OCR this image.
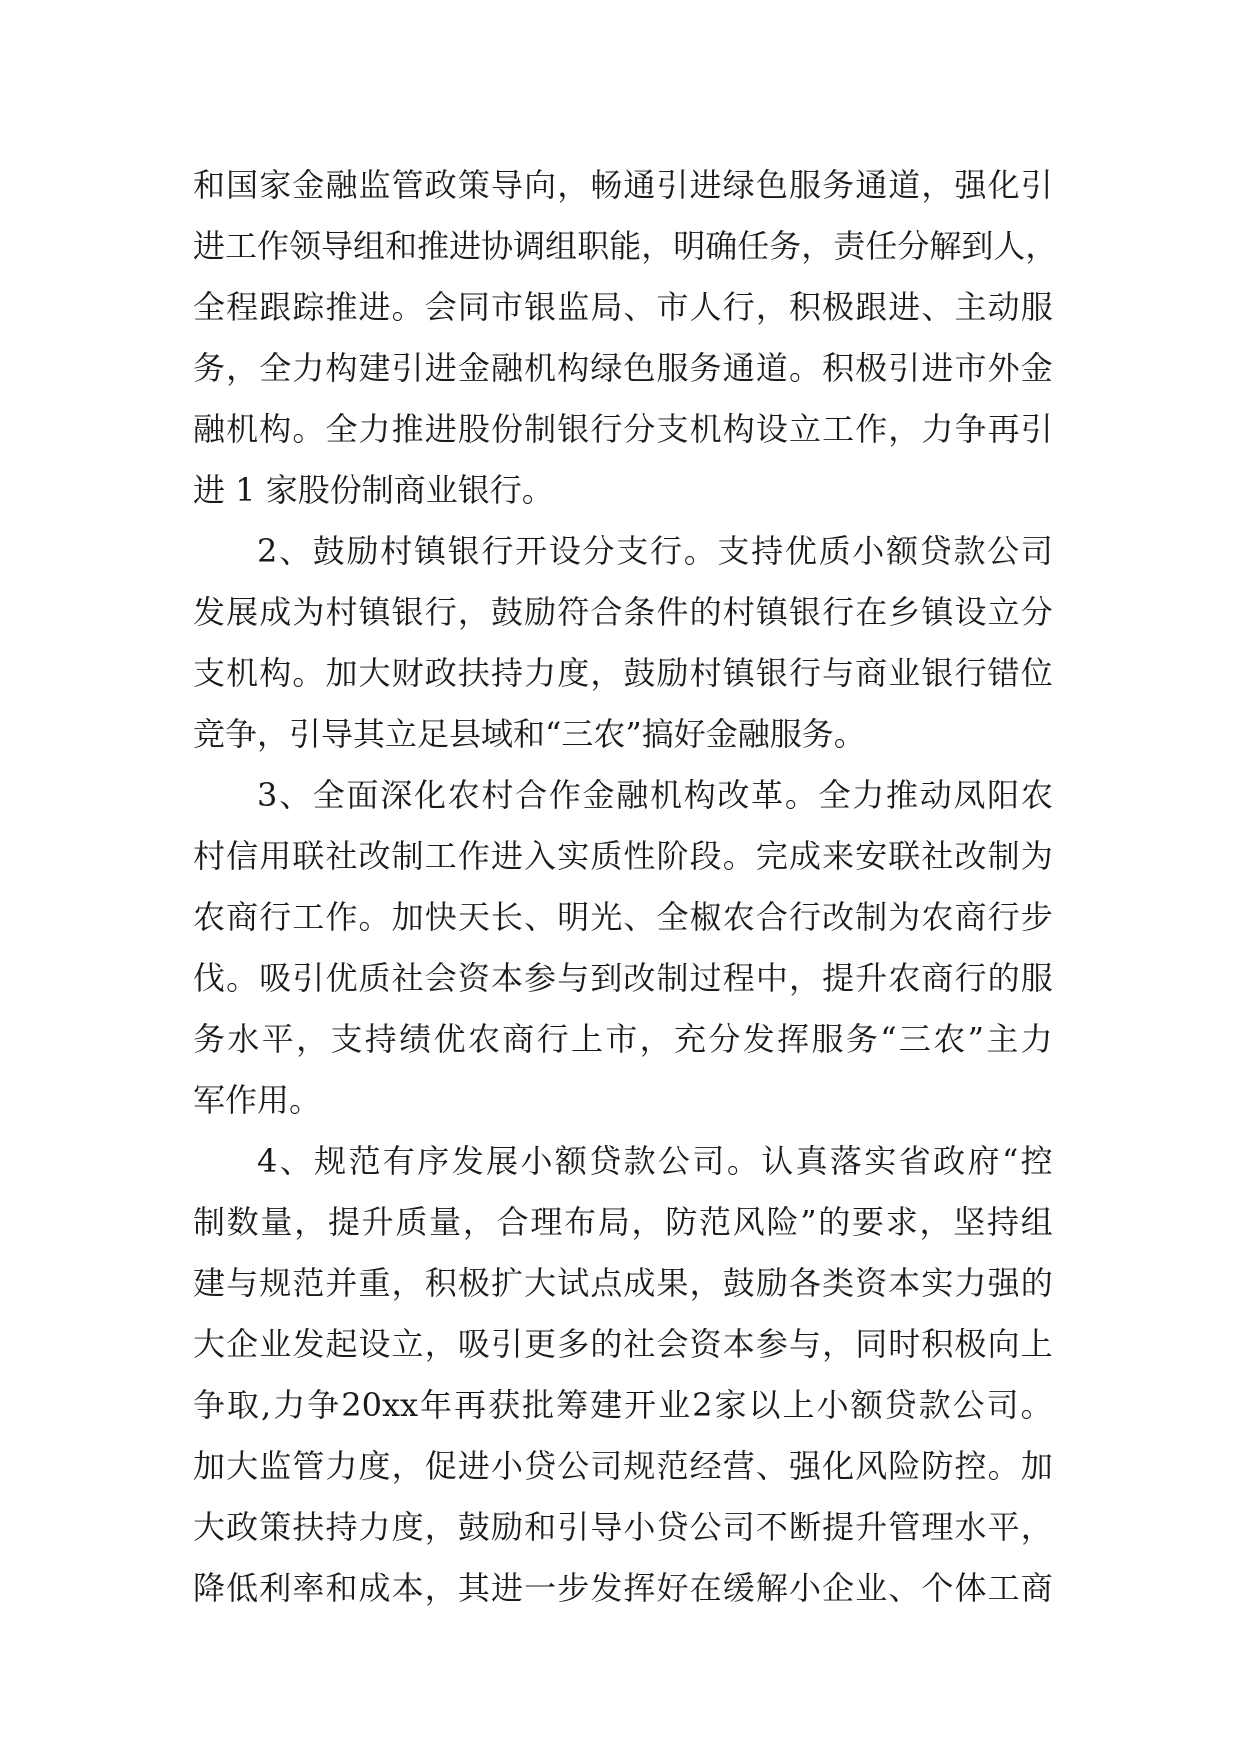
和 国 家 金 融 监 管 政 策 导 向 ， 畅 通 引 进 绿 色 服 务 通 道 ， 强 化 引
进 工 作 领 导 组 和 推 进 协 调 组 职 能 ， 明 确 任 务 ， 责 任 分 解 到 人 ，
全 程 跟 踪 推 进 。 会 同 市 银 监 局 、 市 人 行 ， 积 极 跟 进 、 主 动 服
务 ， 全 力 构 建 引 进 金 融 机 构 绿 色 服 务 通 道 。 积 极 引 进 市 外 金
融 机 构 。 全 力 推 进 股 份 制 银 行 分 支 机 构 设 立 工 作 ， 力 争 再 引
进 1 家股份制商业银行。
2 、 鼓 励 村 镇 银 行 开 设 分 支 行 。 支 持 优 质 小 额 贷 款 公 司
发 展 成 为 村 镇 银 行 ， 鼓 励 符 合 条 件 的 村 镇 银 行 在 乡 镇 设 立 分
支 机 构 。 加 大 财 政 扶 持 力 度 ， 鼓 励 村 镇 银 行 与 商 业 银 行 错 位
竞争，引导其立足县域和“三农”搞好金融服务。
3 、 全 面 深 化 农 村 合 作 金 融 机 构 改 革 。 全 力 推 动 凤 阳 农
村 信 用 联 社 改 制 工 作 进 入 实 质 性 阶 段 。 完 成 来 安 联 社 改 制 为
农 商 行 工 作 。 加 快 天 长 、 明 光 、 全 椒 农 合 行 改 制 为 农 商 行 步
伐 。 吸 引 优 质 社 会 资 本 参 与 到 改 制 过 程 中 ， 提 升 农 商 行 的 服
务 水 平 ， 支 持 绩 优 农 商 行 上 市 ， 充 分 发 挥 服 务 “ 三 农 ” 主 力
军作用。
4 、 规 范 有 序 发 展 小 额 贷 款 公 司 。 认 真 落 实 省 政 府 “ 控
制 数 量 ， 提 升 质 量 ， 合 理 布 局 ， 防 范 风 险 ” 的 要 求 ， 坚 持 组
建 与 规 范 并 重 ， 积 极 扩 大 试 点 成 果 ， 鼓 励 各 类 资 本 实 力 强 的
大 企 业 发 起 设 立 ， 吸 引 更 多 的 社 会 资 本 参 与 ， 同 时 积 极 向 上
争 取 , 力 争 20xx 年 再 获 批 筹 建 开 业 2 家 以 上 小 额 贷 款 公 司 。
加 大 监 管 力 度 ， 促 进 小 贷 公 司 规 范 经 营 、 强 化 风 险 防 控 。 加
大 政 策 扶 持 力 度 ， 鼓 励 和 引 导 小 贷 公 司 不 断 提 升 管 理 水 平 ，
降 低 利 率 和 成 本 ， 其 进 一 步 发 挥 好 在 缓 解 小 企 业 、 个 体 工 商
